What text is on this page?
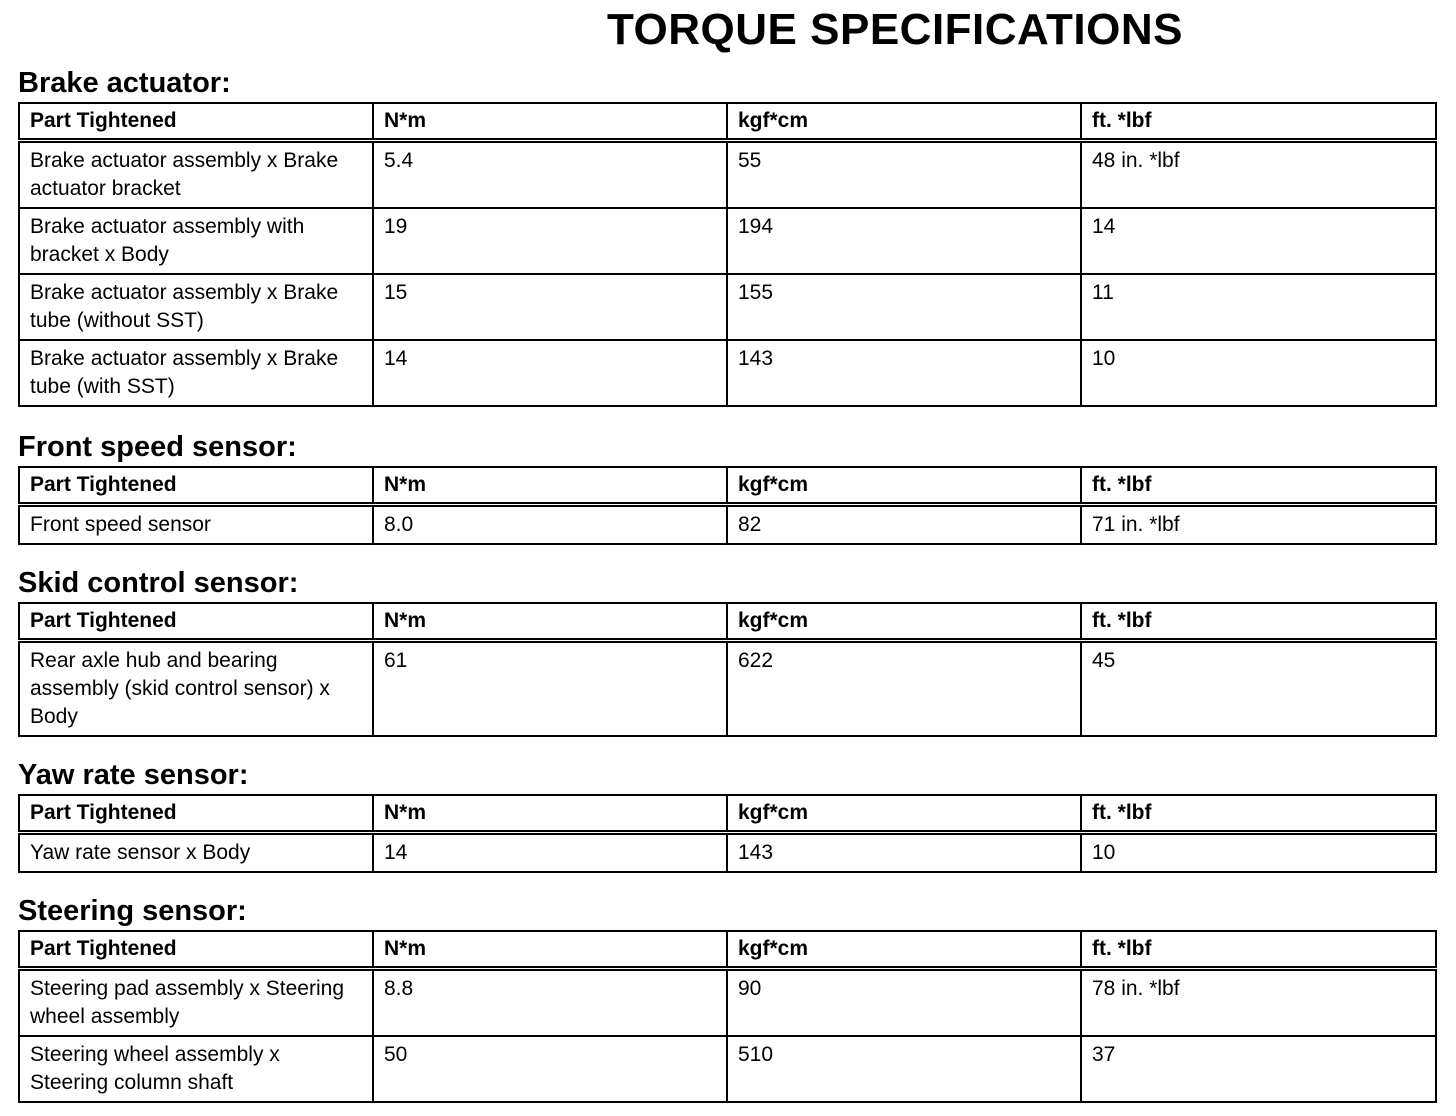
TORQUE SPECIFICATIONS
Brake actuator:
Part Tightened	N*m	kgf*cm	ft. *lbf
Brake actuator assembly x Brake actuator bracket	5.4	55	48 in. *lbf
Brake actuator assembly with bracket x Body	19	194	14
Brake actuator assembly x Brake tube (without SST)	15	155	11
Brake actuator assembly x Brake tube (with SST)	14	143	10
Front speed sensor:
Part Tightened	N*m	kgf*cm	ft. *lbf
Front speed sensor	8.0	82	71 in. *lbf
Skid control sensor:
Part Tightened	N*m	kgf*cm	ft. *lbf
Rear axle hub and bearing assembly (skid control sensor) x Body	61	622	45
Yaw rate sensor:
Part Tightened	N*m	kgf*cm	ft. *lbf
Yaw rate sensor x Body	14	143	10
Steering sensor:
Part Tightened	N*m	kgf*cm	ft. *lbf
Steering pad assembly x Steering wheel assembly	8.8	90	78 in. *lbf
Steering wheel assembly x Steering column shaft	50	510	37
